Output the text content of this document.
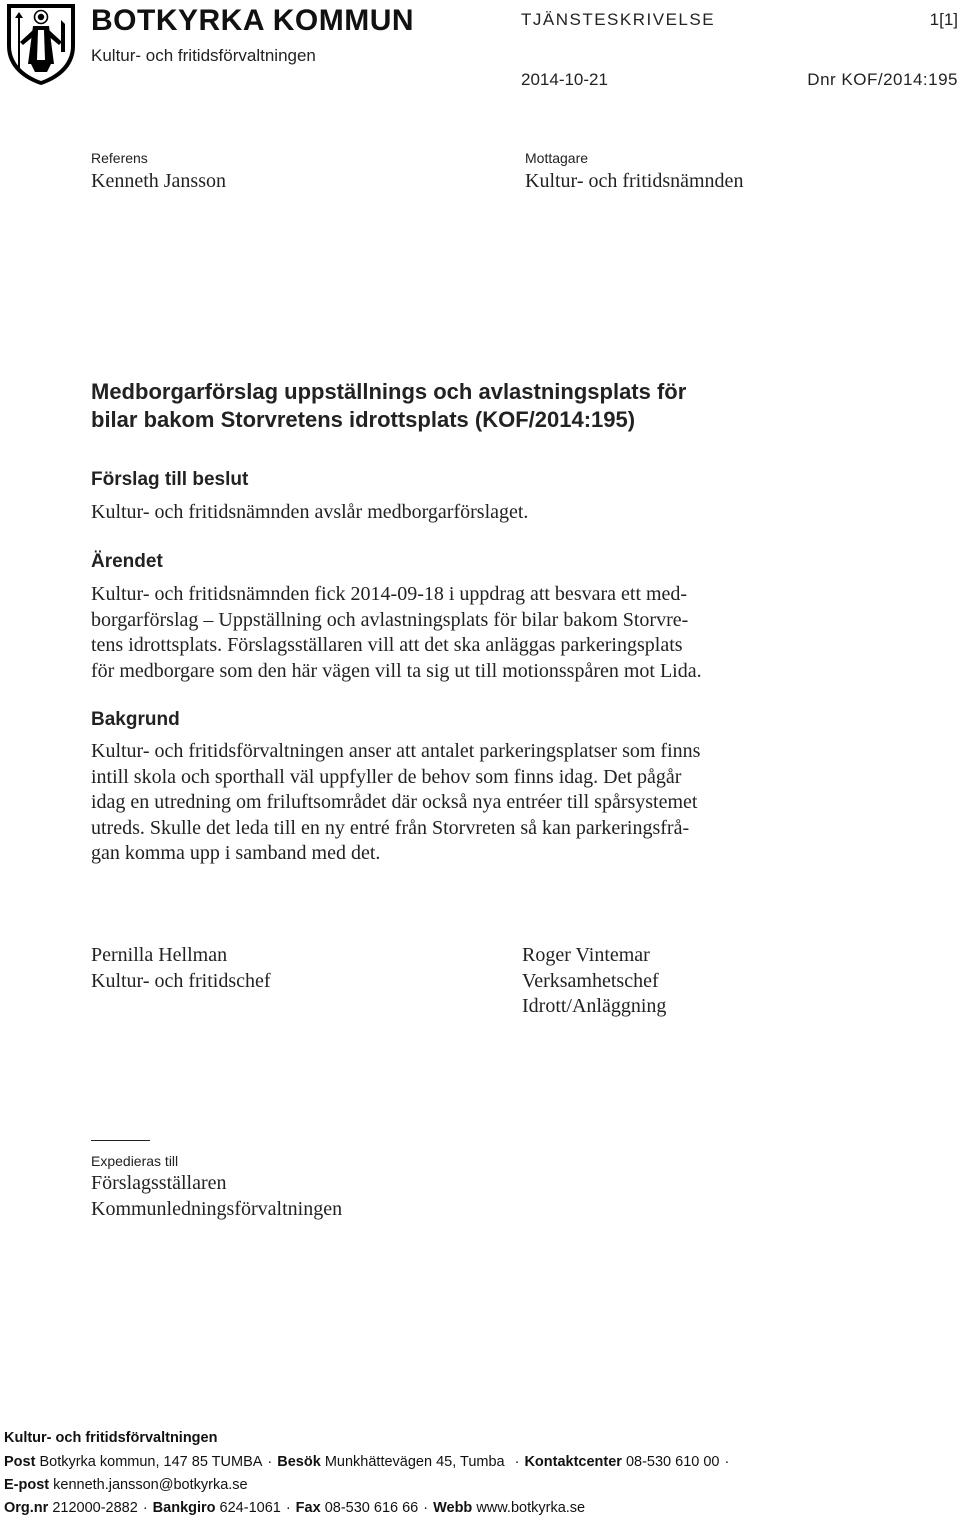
BOTKYRKA KOMMUN
Kultur- och fritidsförvaltningen
TJÄNSTESKRIVELSE	1[1]
2014-10-21	Dnr KOF/2014:195
Referens
Kenneth Jansson
Mottagare
Kultur- och fritidsnämnden
Medborgarförslag uppställnings och avlastningsplats för
bilar bakom Storvretens idrottsplats (KOF/2014:195)
Förslag till beslut
Kultur- och fritidsnämnden avslår medborgarförslaget.
Ärendet
Kultur- och fritidsnämnden fick 2014-09-18 i uppdrag att besvara ett med-
borgarförslag – Uppställning och avlastningsplats för bilar bakom Storvre-
tens idrottsplats. Förslagsställaren vill att det ska anläggas parkeringsplats
för medborgare som den här vägen vill ta sig ut till motionsspåren mot Lida.
Bakgrund
Kultur- och fritidsförvaltningen anser att antalet parkeringsplatser som finns
intill skola och sporthall väl uppfyller de behov som finns idag. Det pågår
idag en utredning om friluftsområdet där också nya entréer till spårsystemet
utreds. Skulle det leda till en ny entré från Storvreten så kan parkeringsfrå-
gan komma upp i samband med det.
Pernilla Hellman
Kultur- och fritidschef
Roger Vintemar
Verksamhetschef
Idrott/Anläggning
Expedieras till
Förslagsställaren
Kommunledningsförvaltningen
Kultur- och fritidsförvaltningen
Post Botkyrka kommun, 147 85 TUMBA · Besök Munkhättevägen 45, Tumba · Kontaktcenter 08-530 610 00 ·
E-post kenneth.jansson@botkyrka.se
Org.nr 212000-2882 · Bankgiro 624-1061 · Fax 08-530 616 66 · Webb www.botkyrka.se
